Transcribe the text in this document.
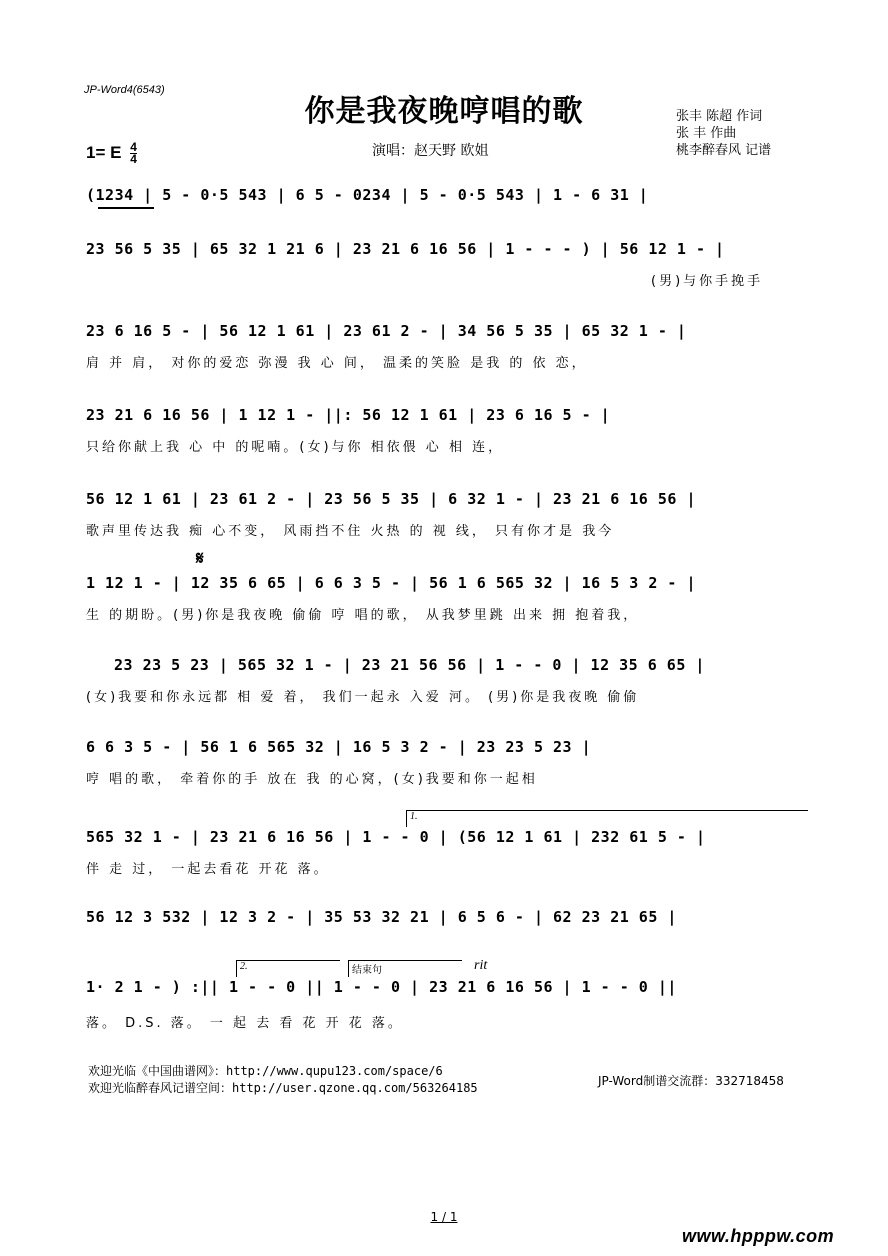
JP-Word4(6543)
你是我夜晚哼唱的歌
1= E $\frac{4}{4}$	演唱：赵天野 欧姐
张丰 陈超 作词
张 丰 作曲
桃李醉春风 记谱
(1234 | 5 - 0·5 543 | 6 5 - 0234 | 5 - 0·5 543 | 1 - 6 31 |
23 56 5 35 | 65 32 1 21 6 | 23 21 6 16 56 | 1 - - - ) | 56 12 1 - |
(男)与你手挽手
23 6 16 5 - | 56 12 1 61 | 23 61 2 - | 34 56 5 35 | 65 32 1 - |
肩 并 肩， 对你的爱恋 弥漫 我 心 间， 温柔的笑脸 是我 的 依 恋，
23 21 6 16 56 | 1 12 1 - ||: 56 12 1 61 | 23 6 16 5 - |
只给你献上我 心 中 的呢喃。(女)与你 相依偎 心 相 连，
56 12 1 61 | 23 61 2 - | 23 56 5 35 | 6 32 1 - | 23 21 6 16 56 |
歌声里传达我 痴 心不变， 风雨挡不住 火热 的 视 线， 只有你才是 我今
𝄋
1 12 1 - | 12 35 6 65 | 6 6 3 5 - | 56 1 6 565 32 | 16 5 3 2 - |
生 的期盼。(男)你是我夜晚 偷偷 哼 唱的歌， 从我梦里跳 出来 拥 抱着我，
23 23 5 23 | 565 32 1 - | 23 21 56 56 | 1 - - 0 | 12 35 6 65 |
(女)我要和你永远都 相 爱 着， 我们一起永 入爱 河。 (男)你是我夜晚 偷偷
6 6 3 5 - | 56 1 6 565 32 | 16 5 3 2 - | 23 23 5 23 |
哼 唱的歌， 牵着你的手 放在 我 的心窝，(女)我要和你一起相
1.
565 32 1 - | 23 21 6 16 56 | 1 - - 0 | (56 12 1 61 | 232 61 5 - |
伴 走 过， 一起去看花 开花 落。
56 12 3 532 | 12 3 2 - | 35 53 32 21 | 6 5 6 - | 62 23 21 65 |
2.	结束句	rit
1· 2 1 - ) :|| 1 - - 0 || 1 - - 0 | 23 21 6 16 56 | 1 - - 0 ||
落。 D.S. 落。 一 起 去 看 花 开 花 落。
欢迎光临《中国曲谱网》：http://www.qupu123.com/space/6
欢迎光临醉春风记谱空间：http://user.qzone.qq.com/563264185	JP-Word制谱交流群：332718458
1 / 1
www.hpppw.com
